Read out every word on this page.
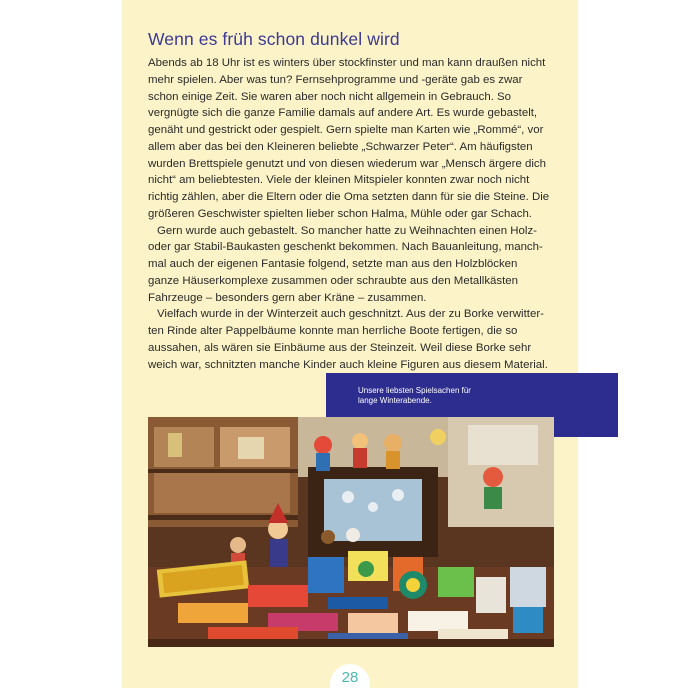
Wenn es früh schon dunkel wird
Abends ab 18 Uhr ist es winters über stockfinster und man kann draußen nicht
mehr spielen. Aber was tun? Fernsehprogramme und -geräte gab es zwar
schon einige Zeit. Sie waren aber noch nicht allgemein in Gebrauch. So
vergnügte sich die ganze Familie damals auf andere Art. Es wurde gebastelt,
genäht und gestrickt oder gespielt. Gern spielte man Karten wie „Rommé“, vor
allem aber das bei den Kleineren beliebte „Schwarzer Peter“. Am häufigsten
wurden Brettspiele genutzt und von diesen wiederum war „Mensch ärgere dich
nicht“ am beliebtesten. Viele der kleinen Mitspieler konnten zwar noch nicht
richtig zählen, aber die Eltern oder die Oma setzten dann für sie die Steine. Die
größeren Geschwister spielten lieber schon Halma, Mühle oder gar Schach.
Gern wurde auch gebastelt. So mancher hatte zu Weihnachten einen Holz-
oder gar Stabil-Baukasten geschenkt bekommen. Nach Bauanleitung, manch-
mal auch der eigenen Fantasie folgend, setzte man aus den Holzblöcken
ganze Häuserkomplexe zusammen oder schraubte aus den Metallkästen
Fahrzeuge – besonders gern aber Kräne – zusammen.
Vielfach wurde in der Winterzeit auch geschnitzt. Aus der zu Borke verwitter-
ten Rinde alter Pappelbäume konnte man herrliche Boote fertigen, die so
aussahen, als wären sie Einbäume aus der Steinzeit. Weil diese Borke sehr
weich war, schnitzten manche Kinder auch kleine Figuren aus diesem Material.
Unsere liebsten Spielsachen für
lange Winterabende.
28
